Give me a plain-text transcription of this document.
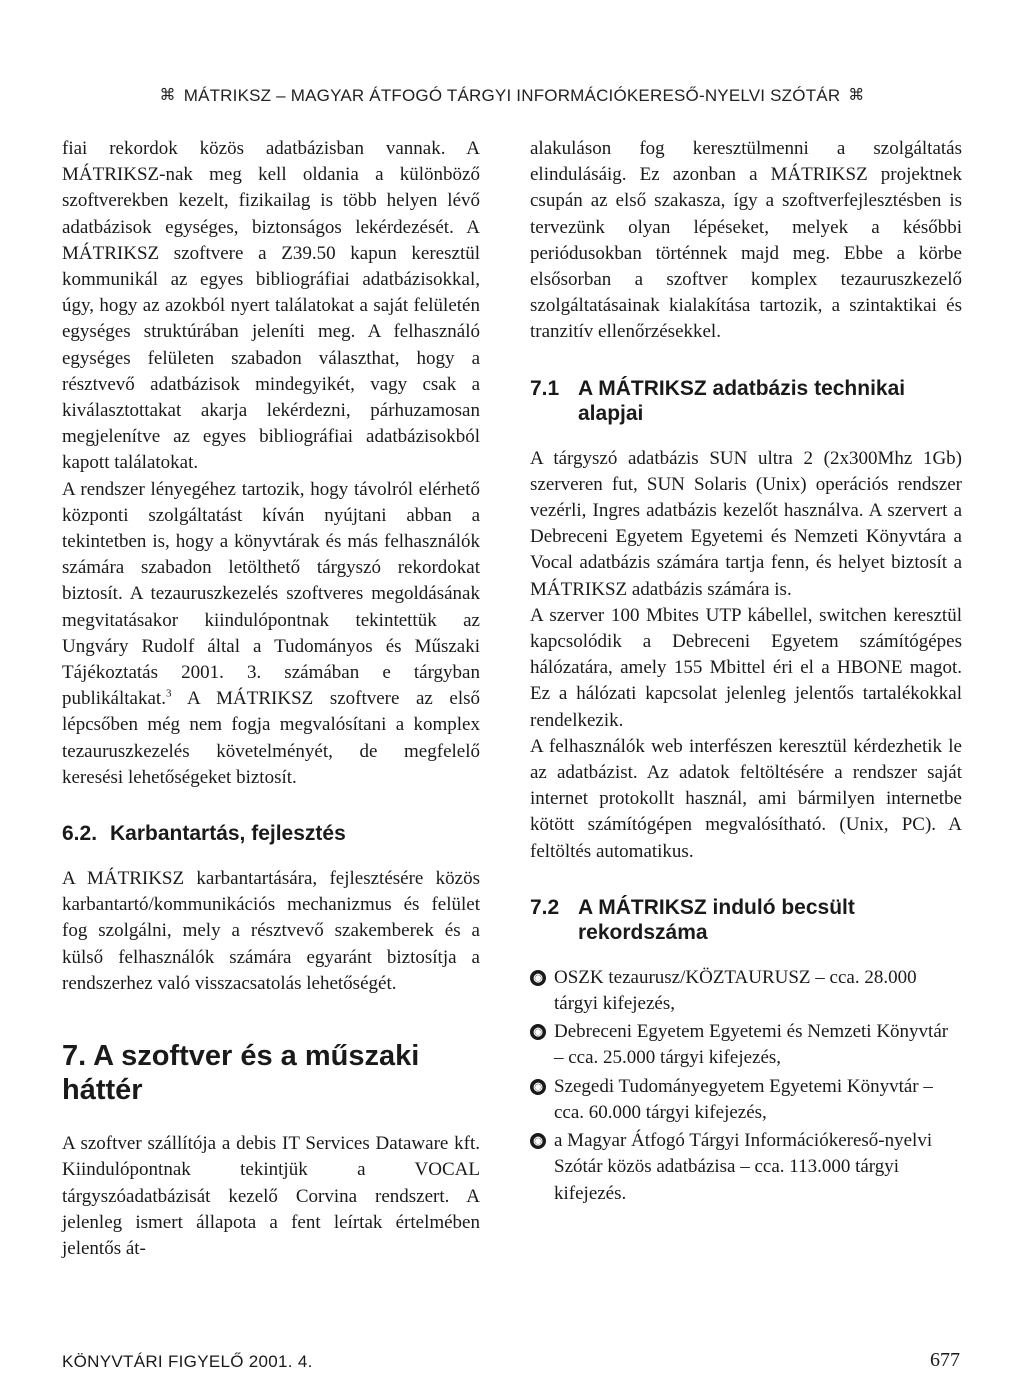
⌘ MÁTRIKSZ – MAGYAR ÁTFOGÓ TÁRGYI INFORMÁCIÓKERESŐ-NYELVI SZÓTÁR ⌘

fiai rekordok közös adatbázisban vannak. A MÁTRIKSZ-nak meg kell oldania a különböző szoftverekben kezelt, fizikailag is több helyen lévő adatbázisok egységes, biztonságos lekérdezését. A MÁTRIKSZ szoftvere a Z39.50 kapun keresztül kommunikál az egyes bibliográfiai adatbázisokkal, úgy, hogy az azokból nyert találatokat a saját felületén egységes struktúrában jeleníti meg. A felhasználó egységes felületen szabadon választhat, hogy a résztvevő adatbázisok mindegyikét, vagy csak a kiválasztottakat akarja lekérdezni, párhuzamosan megjelenítve az egyes bibliográfiai adatbázisokból kapott találatokat.

A rendszer lényegéhez tartozik, hogy távolról elérhető központi szolgáltatást kíván nyújtani abban a tekintetben is, hogy a könyvtárak és más felhasználók számára szabadon letölthető tárgyszó rekordokat biztosít. A tezauruszkezelés szoftveres megoldásának megvitatásakor kiindulópontnak tekintettük az Ungváry Rudolf által a Tudományos és Műszaki Tájékoztatás 2001. 3. számában e tárgyban publikáltakat.$^3$ A MÁTRIKSZ szoftvere az első lépcsőben még nem fogja megvalósítani a komplex tezauruszkezelés követelményét, de megfelelő keresési lehetőségeket biztosít.

6.2. Karbantartás, fejlesztés

A MÁTRIKSZ karbantartására, fejlesztésére közös karbantartó/kommunikációs mechanizmus és felület fog szolgálni, mely a résztvevő szakemberek és a külső felhasználók számára egyaránt biztosítja a rendszerhez való visszacsatolás lehetőségét.

7. A szoftver és a műszaki háttér

A szoftver szállítója a debis IT Services Dataware kft. Kiindulópontnak tekintjük a VOCAL tárgyszóadatbázisát kezelő Corvina rendszert. A jelenleg ismert állapota a fent leírtak értelmében jelentős át-

alakuláson fog keresztülmenni a szolgáltatás elindulásáig. Ez azonban a MÁTRIKSZ projektnek csupán az első szakasza, így a szoftverfejlesztésben is tervezünk olyan lépéseket, melyek a későbbi periódusokban történnek majd meg. Ebbe a körbe elsősorban a szoftver komplex tezauruszkezelő szolgáltatásainak kialakítása tartozik, a szintaktikai és tranzitív ellenőrzésekkel.

7.1 A MÁTRIKSZ adatbázis technikai alapjai

A tárgyszó adatbázis SUN ultra 2 (2x300Mhz 1Gb) szerveren fut, SUN Solaris (Unix) operációs rendszer vezérli, Ingres adatbázis kezelőt használva. A szervert a Debreceni Egyetem Egyetemi és Nemzeti Könyvtára a Vocal adatbázis számára tartja fenn, és helyet biztosít a MÁTRIKSZ adatbázis számára is.

A szerver 100 Mbites UTP kábellel, switchen keresztül kapcsolódik a Debreceni Egyetem számítógépes hálózatára, amely 155 Mbittel éri el a HBONE magot. Ez a hálózati kapcsolat jelenleg jelentős tartalékokkal rendelkezik.

A felhasználók web interfészen keresztül kérdezhetik le az adatbázist. Az adatok feltöltésére a rendszer saját internet protokollt használ, ami bármilyen internetbe kötött számítógépen megvalósítható. (Unix, PC). A feltöltés automatikus.

7.2 A MÁTRIKSZ induló becsült rekordszáma
◉ OSZK tezaurusz/KÖZTAURUSZ – cca. 28.000 tárgyi kifejezés,
◉ Debreceni Egyetem Egyetemi és Nemzeti Könyvtár – cca. 25.000 tárgyi kifejezés,
◉ Szegedi Tudományegyetem Egyetemi Könyvtár – cca. 60.000 tárgyi kifejezés,
◉ a Magyar Átfogó Tárgyi Információkereső-nyelvi Szótár közös adatbázisa – cca. 113.000 tárgyi kifejezés.
KÖNYVTÁRI FIGYELŐ 2001. 4.	677
